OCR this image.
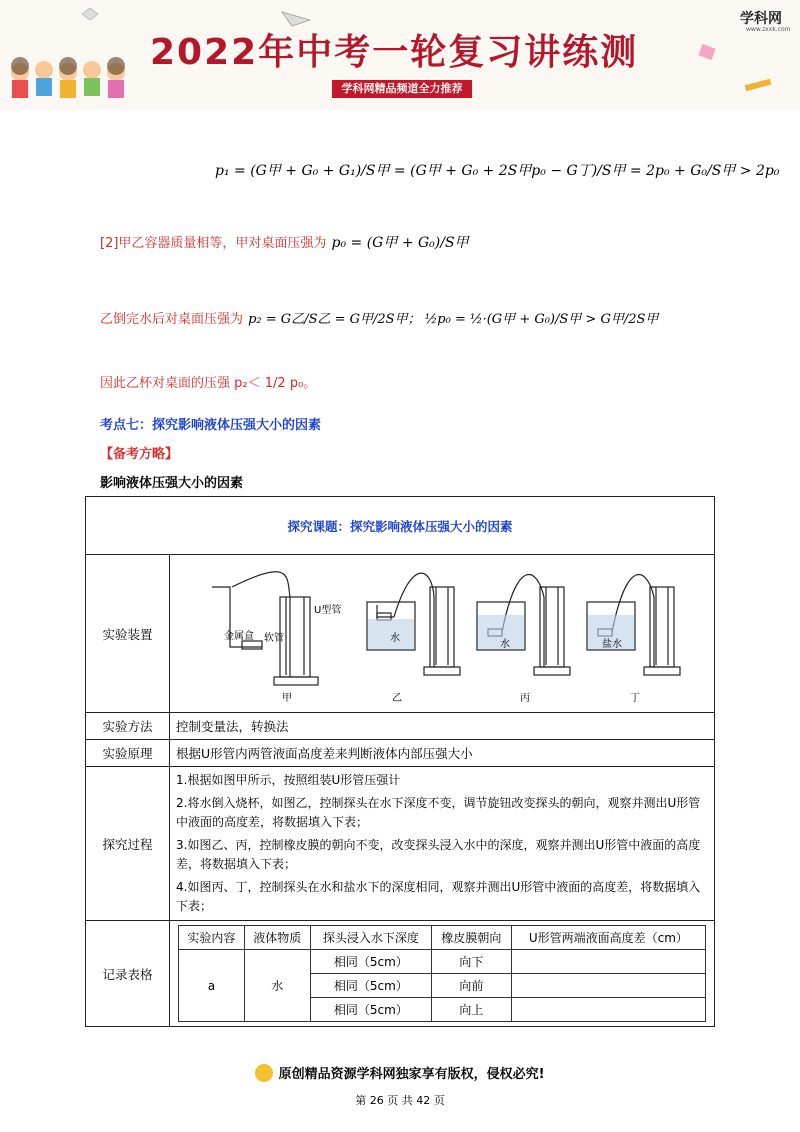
2022年中考一轮复习讲练测
学科网精品频道全力推荐
学科网
www.zxxk.com
p₁ = (G甲 + G₀ + G₁)/S甲 = (G甲 + G₀ + 2S甲p₀ − G丁)/S甲 = 2p₀ + G₀/S甲 > 2p₀
[2]甲乙容器质量相等，甲对桌面压强为 p₀ = (G甲 + G₀)/S甲
乙倒完水后对桌面压强为 p₂ = G乙/S乙 = G甲/2S甲； ½p₀ = ½·(G甲 + G₀)/S甲 > G甲/2S甲
因此乙杯对桌面的压强 p₂＜ 1/2 p₀。
考点七：探究影响液体压强大小的因素
【备考方略】
影响液体压强大小的因素
探究课题：探究影响液体压强大小的因素
实验装置	
U型管
金属盒 软管	水
水	盐水
甲	乙	丙	丁

实验方法	控制变量法，转换法
实验原理	根据U形管内两管液面高度差来判断液体内部压强大小
探究过程	
1.根据如图甲所示，按照组装U形管压强计
2.将水倒入烧杯，如图乙，控制探头在水下深度不变，调节旋钮改变探头的朝向，观察并测出U形管中液面的高度差，将数据填入下表；
3.如图乙、丙，控制橡皮膜的朝向不变，改变探头浸入水中的深度，观察并测出U形管中液面的高度差，将数据填入下表；
4.如图丙、丁，控制探头在水和盐水下的深度相同，观察并测出U形管中液面的高度差，将数据填入下表；

记录表格	
实验内容	液体物质	探头浸入水下深度	橡皮膜朝向	U形管两端液面高度差（cm）
a	水	相同（5cm）	向下	
相同（5cm）	向前	
相同（5cm）	向上	
原创精品资源学科网独家享有版权，侵权必究!
第 26 页 共 42 页
